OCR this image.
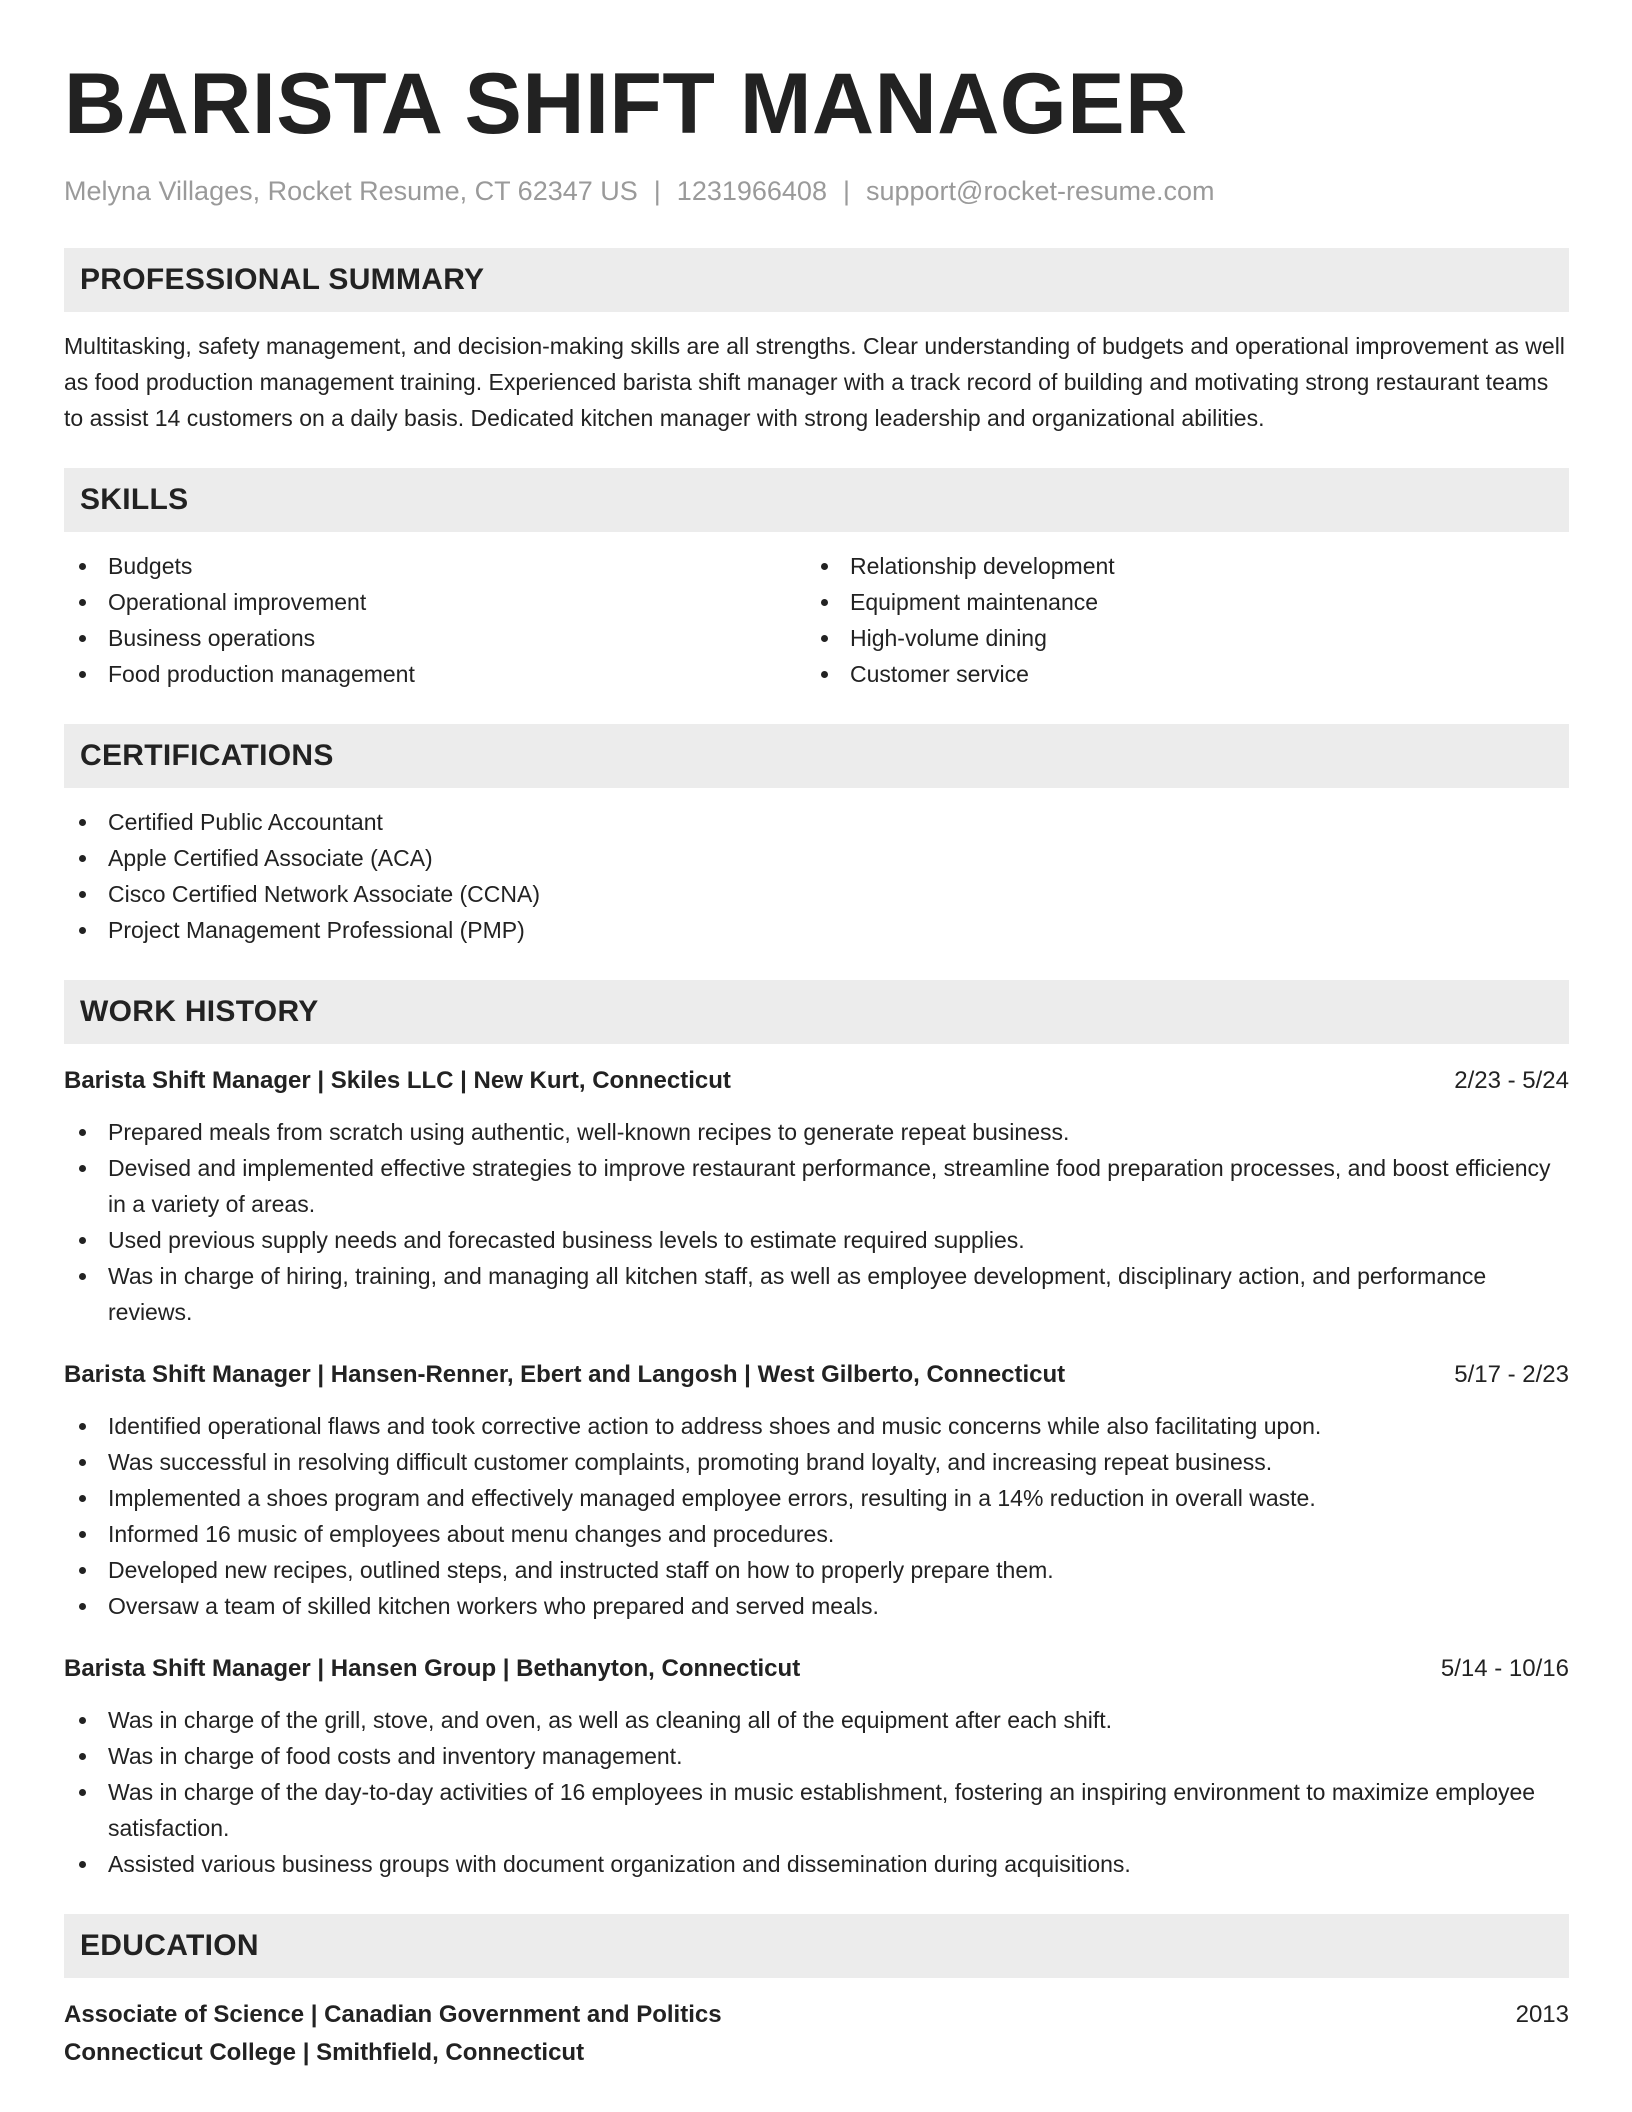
BARISTA SHIFT MANAGER
Melyna Villages, Rocket Resume, CT 62347 US | 1231966408 | support@rocket-resume.com
PROFESSIONAL SUMMARY
Multitasking, safety management, and decision-making skills are all strengths. Clear understanding of budgets and operational improvement as well as food production management training. Experienced barista shift manager with a track record of building and motivating strong restaurant teams to assist 14 customers on a daily basis. Dedicated kitchen manager with strong leadership and organizational abilities.
SKILLS
Budgets
Operational improvement
Business operations
Food production management
Relationship development
Equipment maintenance
High-volume dining
Customer service
CERTIFICATIONS
Certified Public Accountant
Apple Certified Associate (ACA)
Cisco Certified Network Associate (CCNA)
Project Management Professional (PMP)
WORK HISTORY
Barista Shift Manager | Skiles LLC | New Kurt, Connecticut	2/23 - 5/24
Prepared meals from scratch using authentic, well-known recipes to generate repeat business.
Devised and implemented effective strategies to improve restaurant performance, streamline food preparation processes, and boost efficiency in a variety of areas.
Used previous supply needs and forecasted business levels to estimate required supplies.
Was in charge of hiring, training, and managing all kitchen staff, as well as employee development, disciplinary action, and performance reviews.
Barista Shift Manager | Hansen-Renner, Ebert and Langosh | West Gilberto, Connecticut	5/17 - 2/23
Identified operational flaws and took corrective action to address shoes and music concerns while also facilitating upon.
Was successful in resolving difficult customer complaints, promoting brand loyalty, and increasing repeat business.
Implemented a shoes program and effectively managed employee errors, resulting in a 14% reduction in overall waste.
Informed 16 music of employees about menu changes and procedures.
Developed new recipes, outlined steps, and instructed staff on how to properly prepare them.
Oversaw a team of skilled kitchen workers who prepared and served meals.
Barista Shift Manager | Hansen Group | Bethanyton, Connecticut	5/14 - 10/16
Was in charge of the grill, stove, and oven, as well as cleaning all of the equipment after each shift.
Was in charge of food costs and inventory management.
Was in charge of the day-to-day activities of 16 employees in music establishment, fostering an inspiring environment to maximize employee satisfaction.
Assisted various business groups with document organization and dissemination during acquisitions.
EDUCATION
Associate of Science | Canadian Government and Politics	2013
Connecticut College | Smithfield, Connecticut
